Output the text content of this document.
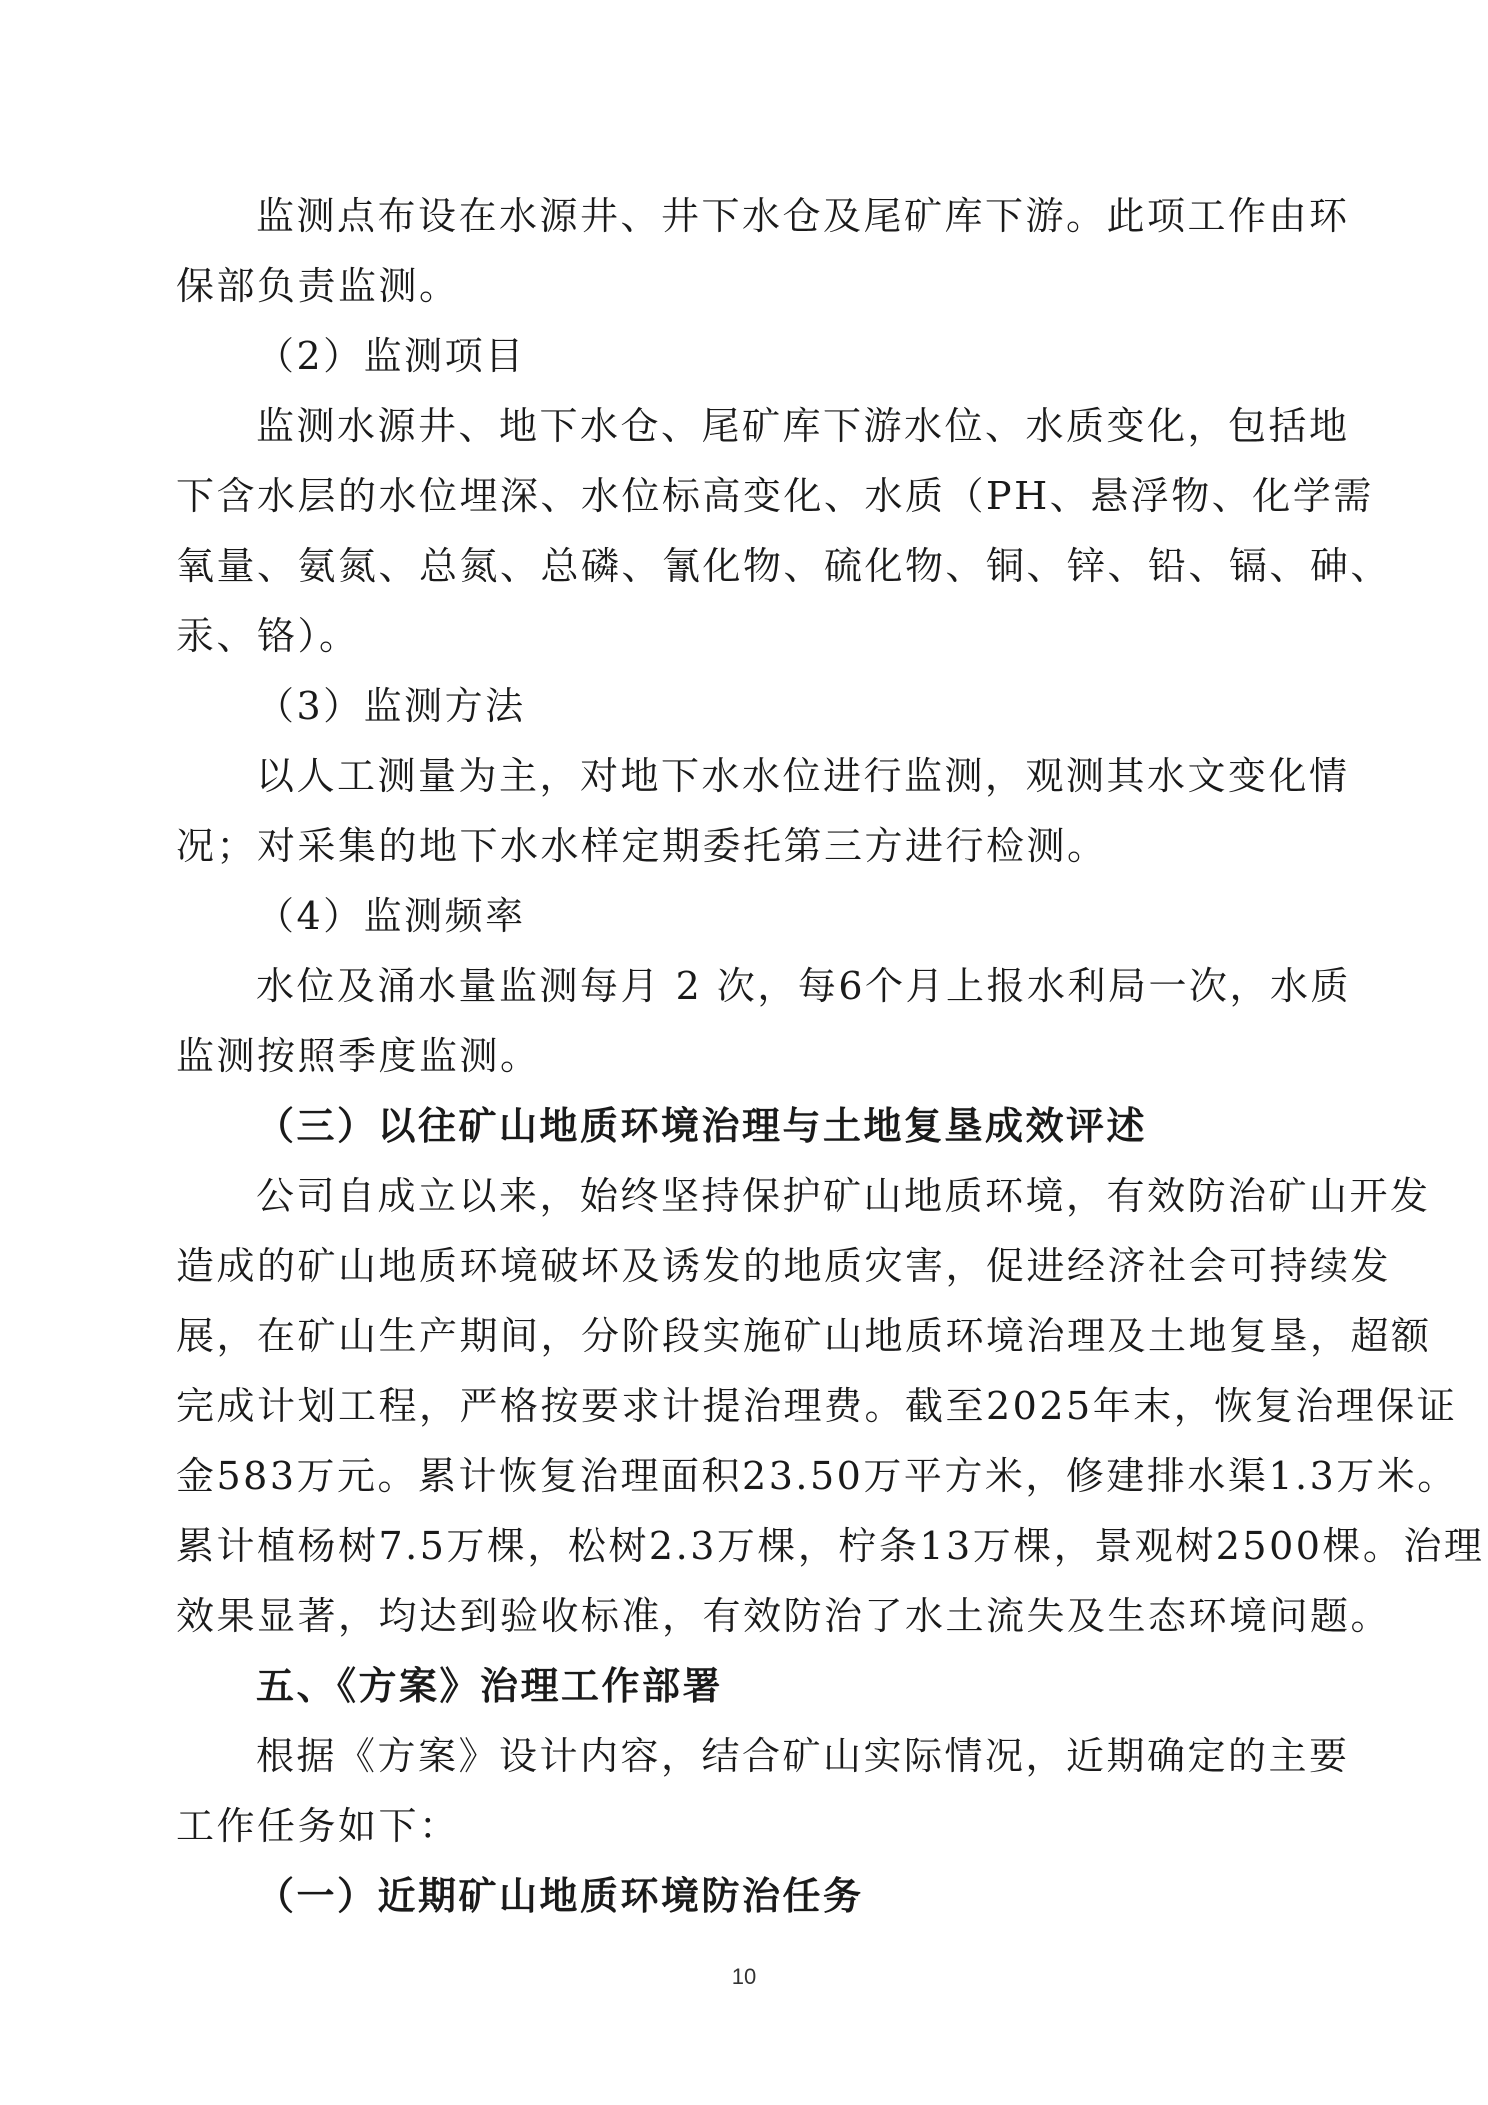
监测点布设在水源井、井下水仓及尾矿库下游。此项工作由环
保部负责监测。
（2）监测项目
监测水源井、地下水仓、尾矿库下游水位、水质变化，包括地
下含水层的水位埋深、水位标高变化、水质（PH、悬浮物、化学需
氧量、氨氮、总氮、总磷、氰化物、硫化物、铜、锌、铅、镉、砷、
汞、铬）。
（3）监测方法
以人工测量为主，对地下水水位进行监测，观测其水文变化情
况；对采集的地下水水样定期委托第三方进行检测。
（4）监测频率
水位及涌水量监测每月 2 次，每6个月上报水利局一次，水质
监测按照季度监测。
（三）以往矿山地质环境治理与土地复垦成效评述
公司自成立以来，始终坚持保护矿山地质环境，有效防治矿山开发
造成的矿山地质环境破坏及诱发的地质灾害，促进经济社会可持续发
展，在矿山生产期间，分阶段实施矿山地质环境治理及土地复垦，超额
完成计划工程，严格按要求计提治理费。截至2025年末，恢复治理保证
金583万元。累计恢复治理面积23.50万平方米，修建排水渠1.3万米。
累计植杨树7.5万棵，松树2.3万棵，柠条13万棵，景观树2500棵。治理
效果显著，均达到验收标准，有效防治了水土流失及生态环境问题。
五、《方案》治理工作部署
根据《方案》设计内容，结合矿山实际情况，近期确定的主要
工作任务如下：
（一）近期矿山地质环境防治任务
10
